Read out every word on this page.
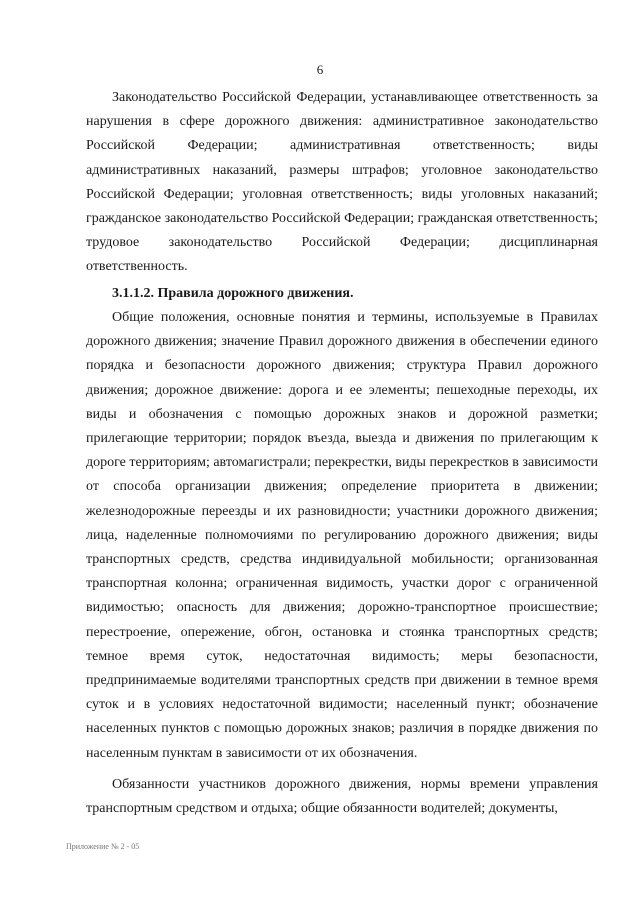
6

Законодательство Российской Федерации, устанавливающее ответственность за нарушения в сфере дорожного движения: административное законодательство Российской Федерации; административная ответственность; виды административных наказаний, размеры штрафов; уголовное законодательство Российской Федерации; уголовная ответственность; виды уголовных наказаний; гражданское законодательство Российской Федерации; гражданская ответственность; трудовое законодательство Российской Федерации; дисциплинарная ответственность.

3.1.1.2. Правила дорожного движения.

Общие положения, основные понятия и термины, используемые в Правилах дорожного движения; значение Правил дорожного движения в обеспечении единого порядка и безопасности дорожного движения; структура Правил дорожного движения; дорожное движение: дорога и ее элементы; пешеходные переходы, их виды и обозначения с помощью дорожных знаков и дорожной разметки; прилегающие территории; порядок въезда, выезда и движения по прилегающим к дороге территориям; автомагистрали; перекрестки, виды перекрестков в зависимости от способа организации движения; определение приоритета в движении; железнодорожные переезды и их разновидности; участники дорожного движения; лица, наделенные полномочиями по регулированию дорожного движения; виды транспортных средств, средства индивидуальной мобильности; организованная транспортная колонна; ограниченная видимость, участки дорог с ограниченной видимостью; опасность для движения; дорожно-транспортное происшествие; перестроение, опережение, обгон, остановка и стоянка транспортных средств; темное время суток, недостаточная видимость; меры безопасности, предпринимаемые водителями транспортных средств при движении в темное время суток и в условиях недостаточной видимости; населенный пункт; обозначение населенных пунктов с помощью дорожных знаков; различия в порядке движения по населенным пунктам в зависимости от их обозначения.

Обязанности участников дорожного движения, нормы времени управления транспортным средством и отдыха; общие обязанности водителей; документы,

Приложение № 2 - 05
